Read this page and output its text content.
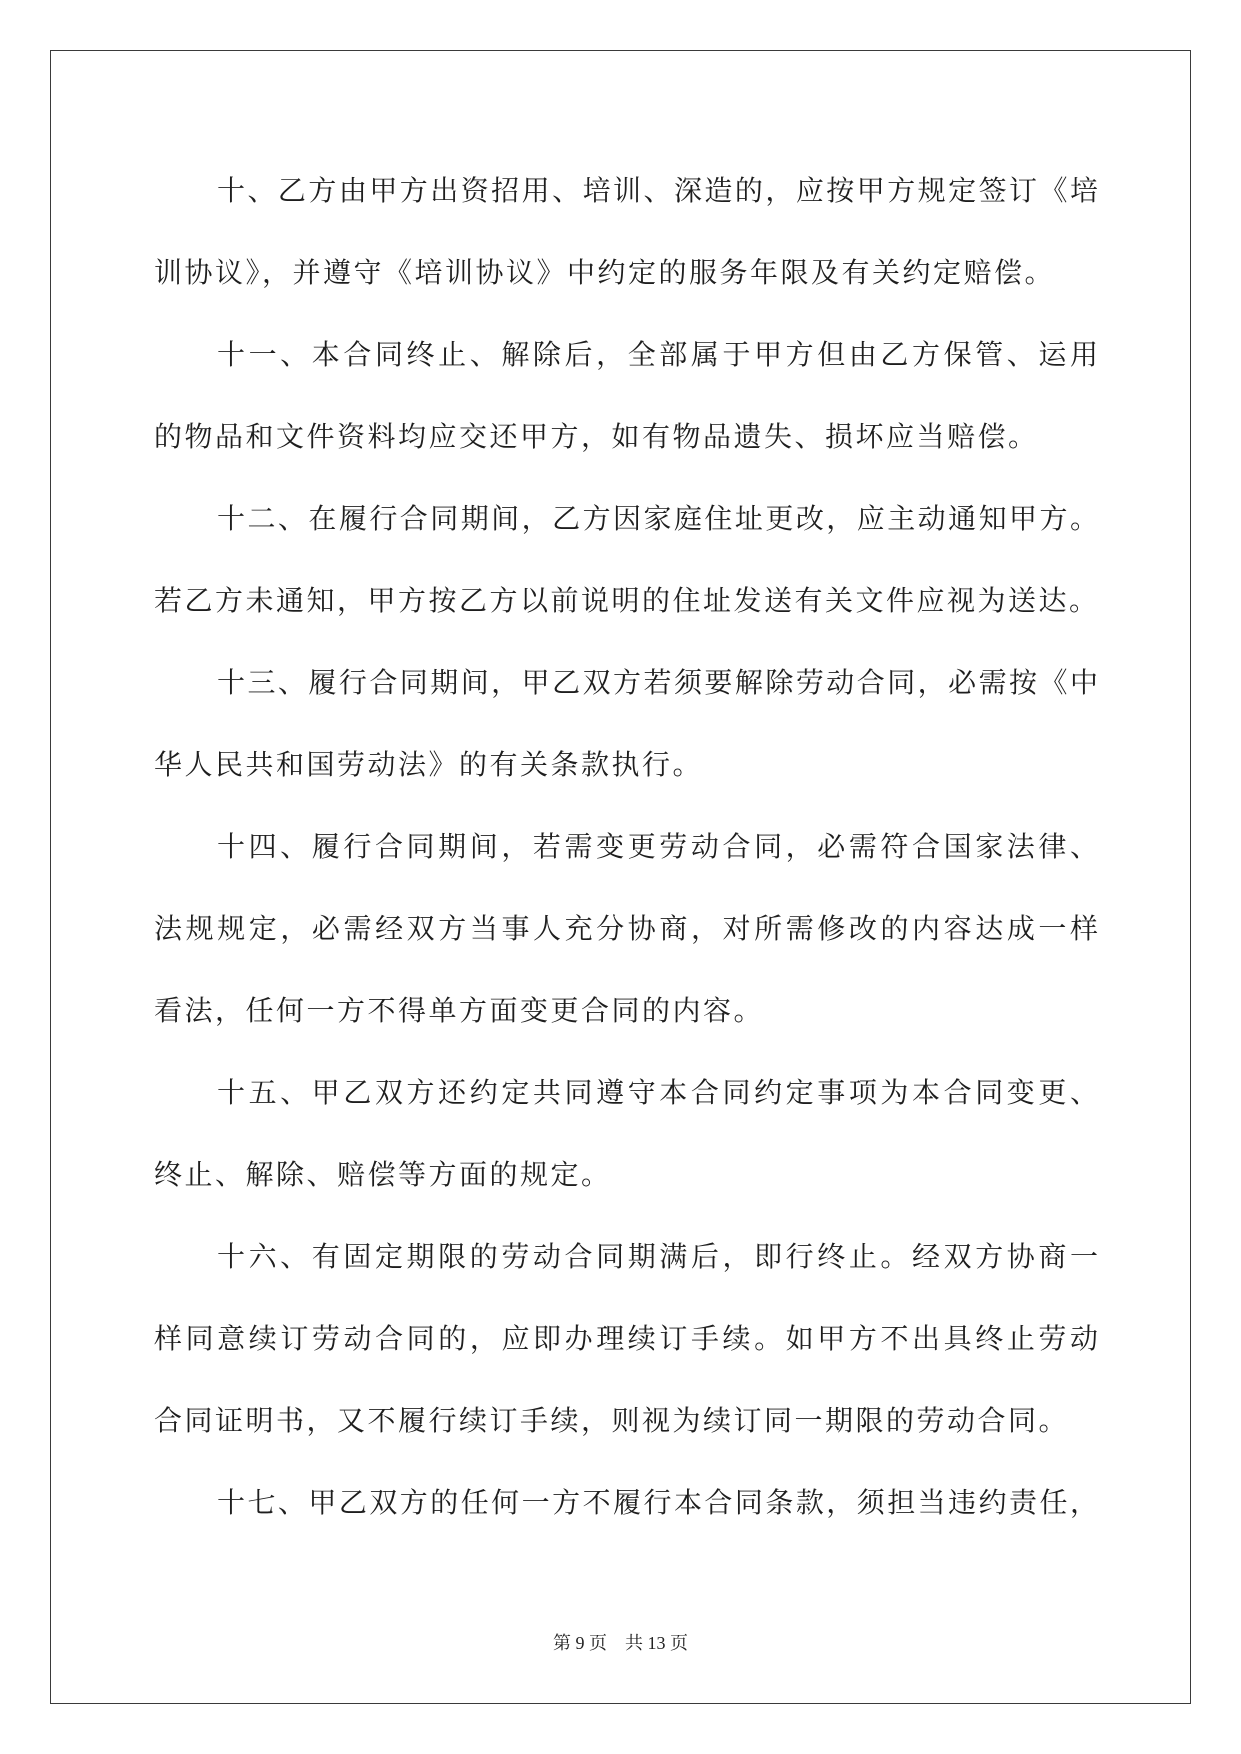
十、乙方由甲方出资招用、培训、深造的，应按甲方规定签订《培
训协议》，并遵守《培训协议》中约定的服务年限及有关约定赔偿。
十一、本合同终止、解除后，全部属于甲方但由乙方保管、运用
的物品和文件资料均应交还甲方，如有物品遗失、损坏应当赔偿。
十二、在履行合同期间，乙方因家庭住址更改，应主动通知甲方。
若乙方未通知，甲方按乙方以前说明的住址发送有关文件应视为送达。
十三、履行合同期间，甲乙双方若须要解除劳动合同，必需按《中
华人民共和国劳动法》的有关条款执行。
十四、履行合同期间，若需变更劳动合同，必需符合国家法律、
法规规定，必需经双方当事人充分协商，对所需修改的内容达成一样
看法，任何一方不得单方面变更合同的内容。
十五、甲乙双方还约定共同遵守本合同约定事项为本合同变更、
终止、解除、赔偿等方面的规定。
十六、有固定期限的劳动合同期满后，即行终止。经双方协商一
样同意续订劳动合同的，应即办理续订手续。如甲方不出具终止劳动
合同证明书，又不履行续订手续，则视为续订同一期限的劳动合同。
十七、甲乙双方的任何一方不履行本合同条款，须担当违约责任，
第 9 页 共 13 页
